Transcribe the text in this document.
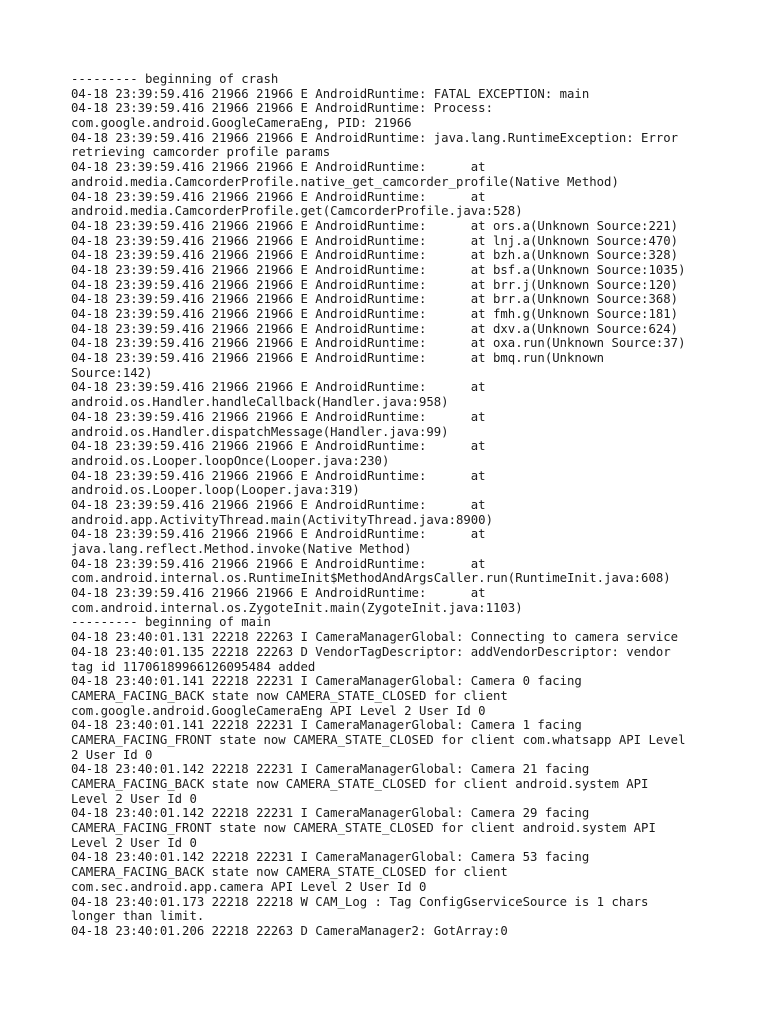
--------- beginning of crash
04-18 23:39:59.416 21966 21966 E AndroidRuntime: FATAL EXCEPTION: main
04-18 23:39:59.416 21966 21966 E AndroidRuntime: Process:
com.google.android.GoogleCameraEng, PID: 21966
04-18 23:39:59.416 21966 21966 E AndroidRuntime: java.lang.RuntimeException: Error
retrieving camcorder profile params
04-18 23:39:59.416 21966 21966 E AndroidRuntime:      at
android.media.CamcorderProfile.native_get_camcorder_profile(Native Method)
04-18 23:39:59.416 21966 21966 E AndroidRuntime:      at
android.media.CamcorderProfile.get(CamcorderProfile.java:528)
04-18 23:39:59.416 21966 21966 E AndroidRuntime:      at ors.a(Unknown Source:221)
04-18 23:39:59.416 21966 21966 E AndroidRuntime:      at lnj.a(Unknown Source:470)
04-18 23:39:59.416 21966 21966 E AndroidRuntime:      at bzh.a(Unknown Source:328)
04-18 23:39:59.416 21966 21966 E AndroidRuntime:      at bsf.a(Unknown Source:1035)
04-18 23:39:59.416 21966 21966 E AndroidRuntime:      at brr.j(Unknown Source:120)
04-18 23:39:59.416 21966 21966 E AndroidRuntime:      at brr.a(Unknown Source:368)
04-18 23:39:59.416 21966 21966 E AndroidRuntime:      at fmh.g(Unknown Source:181)
04-18 23:39:59.416 21966 21966 E AndroidRuntime:      at dxv.a(Unknown Source:624)
04-18 23:39:59.416 21966 21966 E AndroidRuntime:      at oxa.run(Unknown Source:37)
04-18 23:39:59.416 21966 21966 E AndroidRuntime:      at bmq.run(Unknown
Source:142)
04-18 23:39:59.416 21966 21966 E AndroidRuntime:      at
android.os.Handler.handleCallback(Handler.java:958)
04-18 23:39:59.416 21966 21966 E AndroidRuntime:      at
android.os.Handler.dispatchMessage(Handler.java:99)
04-18 23:39:59.416 21966 21966 E AndroidRuntime:      at
android.os.Looper.loopOnce(Looper.java:230)
04-18 23:39:59.416 21966 21966 E AndroidRuntime:      at
android.os.Looper.loop(Looper.java:319)
04-18 23:39:59.416 21966 21966 E AndroidRuntime:      at
android.app.ActivityThread.main(ActivityThread.java:8900)
04-18 23:39:59.416 21966 21966 E AndroidRuntime:      at
java.lang.reflect.Method.invoke(Native Method)
04-18 23:39:59.416 21966 21966 E AndroidRuntime:      at
com.android.internal.os.RuntimeInit$MethodAndArgsCaller.run(RuntimeInit.java:608)
04-18 23:39:59.416 21966 21966 E AndroidRuntime:      at
com.android.internal.os.ZygoteInit.main(ZygoteInit.java:1103)
--------- beginning of main
04-18 23:40:01.131 22218 22263 I CameraManagerGlobal: Connecting to camera service
04-18 23:40:01.135 22218 22263 D VendorTagDescriptor: addVendorDescriptor: vendor
tag id 11706189966126095484 added
04-18 23:40:01.141 22218 22231 I CameraManagerGlobal: Camera 0 facing
CAMERA_FACING_BACK state now CAMERA_STATE_CLOSED for client
com.google.android.GoogleCameraEng API Level 2 User Id 0
04-18 23:40:01.141 22218 22231 I CameraManagerGlobal: Camera 1 facing
CAMERA_FACING_FRONT state now CAMERA_STATE_CLOSED for client com.whatsapp API Level
2 User Id 0
04-18 23:40:01.142 22218 22231 I CameraManagerGlobal: Camera 21 facing
CAMERA_FACING_BACK state now CAMERA_STATE_CLOSED for client android.system API
Level 2 User Id 0
04-18 23:40:01.142 22218 22231 I CameraManagerGlobal: Camera 29 facing
CAMERA_FACING_FRONT state now CAMERA_STATE_CLOSED for client android.system API
Level 2 User Id 0
04-18 23:40:01.142 22218 22231 I CameraManagerGlobal: Camera 53 facing
CAMERA_FACING_BACK state now CAMERA_STATE_CLOSED for client
com.sec.android.app.camera API Level 2 User Id 0
04-18 23:40:01.173 22218 22218 W CAM_Log : Tag ConfigGserviceSource is 1 chars
longer than limit.
04-18 23:40:01.206 22218 22263 D CameraManager2: GotArray:0
